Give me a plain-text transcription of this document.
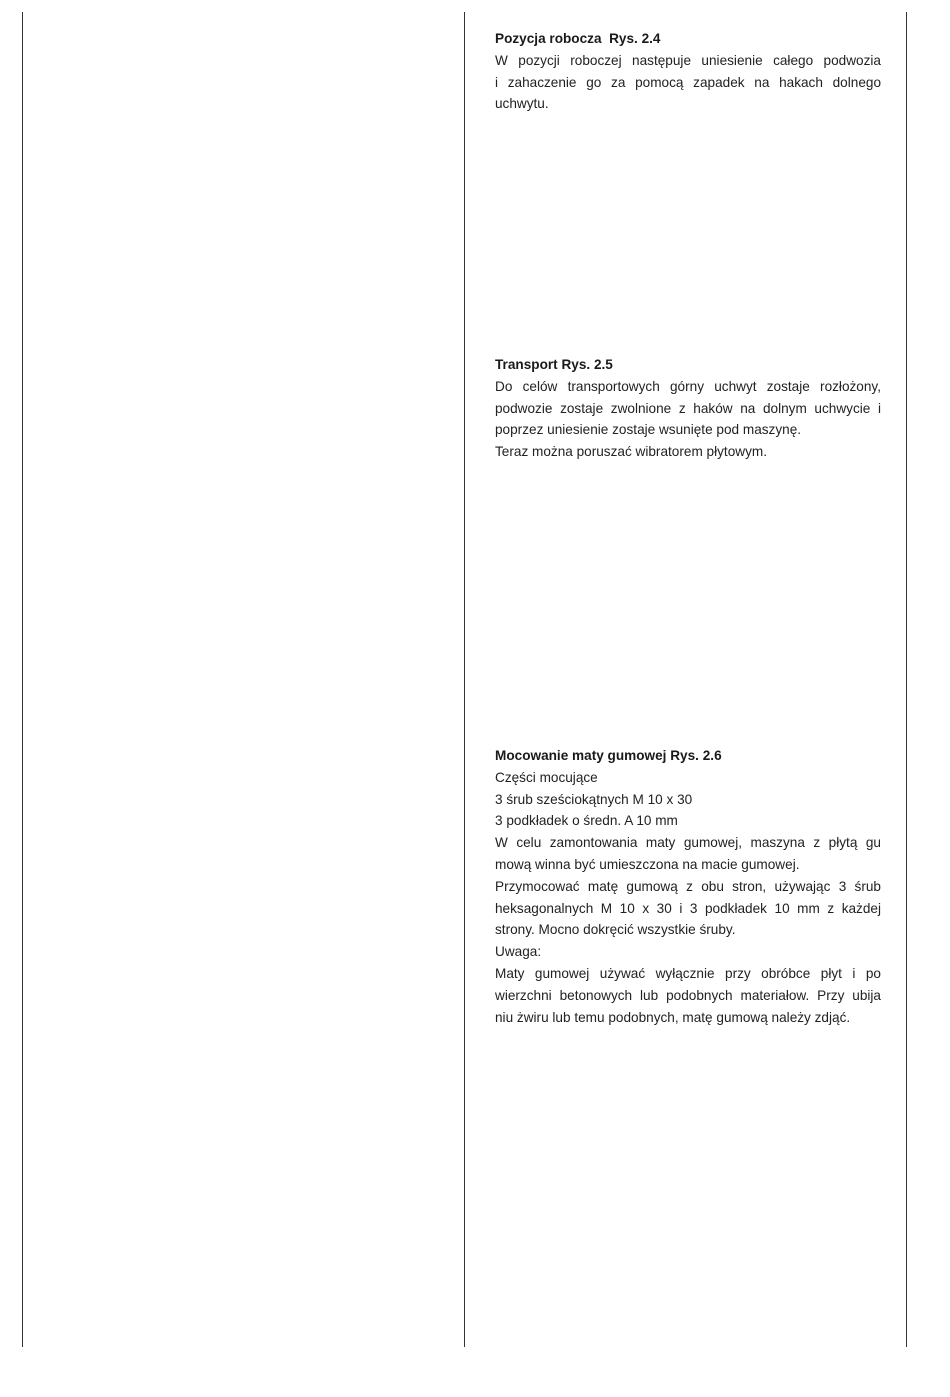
Pozycja robocza  Rys. 2.4

W pozycji roboczej następuje uniesienie całego podwozia
i zahaczenie go za pomocą zapadek na hakach dolnego
uchwytu.

Transport Rys. 2.5

Do celów transportowych górny uchwyt zostaje rozłożony,
podwozie zostaje zwolnione z haków na dolnym uchwycie i
poprzez uniesienie zostaje wsunięte pod maszynę.
Teraz można poruszać wibratorem płytowym.

Mocowanie maty gumowej Rys. 2.6

Części mocujące
3 śrub sześciokątnych M 10 x 30
3 podkładek o średn. A 10 mm
W celu zamontowania maty gumowej, maszyna z płytą gu
mową winna być umieszczona na macie gumowej.
Przymocować matę gumową z obu stron, używając 3 śrub
heksagonalnych M 10 x 30 i 3 podkładek 10 mm z każdej
strony. Mocno dokręcić wszystkie śruby.
Uwaga:
Maty gumowej używać wyłącznie przy obróbce płyt i po
wierzchni betonowych lub podobnych materiałow. Przy ubija
niu żwiru lub temu podobnych, matę gumową należy zdjąć.
